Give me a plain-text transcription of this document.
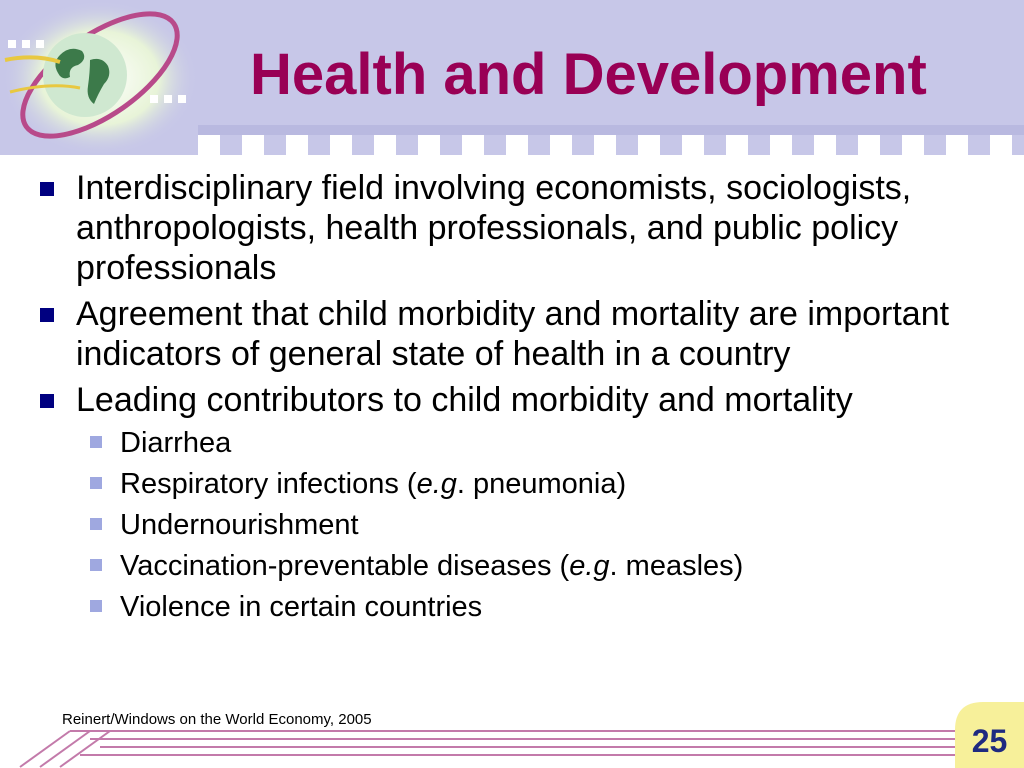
Health and Development
Interdisciplinary field involving economists, sociologists, anthropologists, health professionals, and public policy professionals
Agreement that child morbidity and mortality are important indicators of general state of health in a country
Leading contributors to child morbidity and mortality
Diarrhea
Respiratory infections (e.g. pneumonia)
Undernourishment
Vaccination-preventable diseases (e.g. measles)
Violence in certain countries
Reinert/Windows on the World Economy, 2005
25
